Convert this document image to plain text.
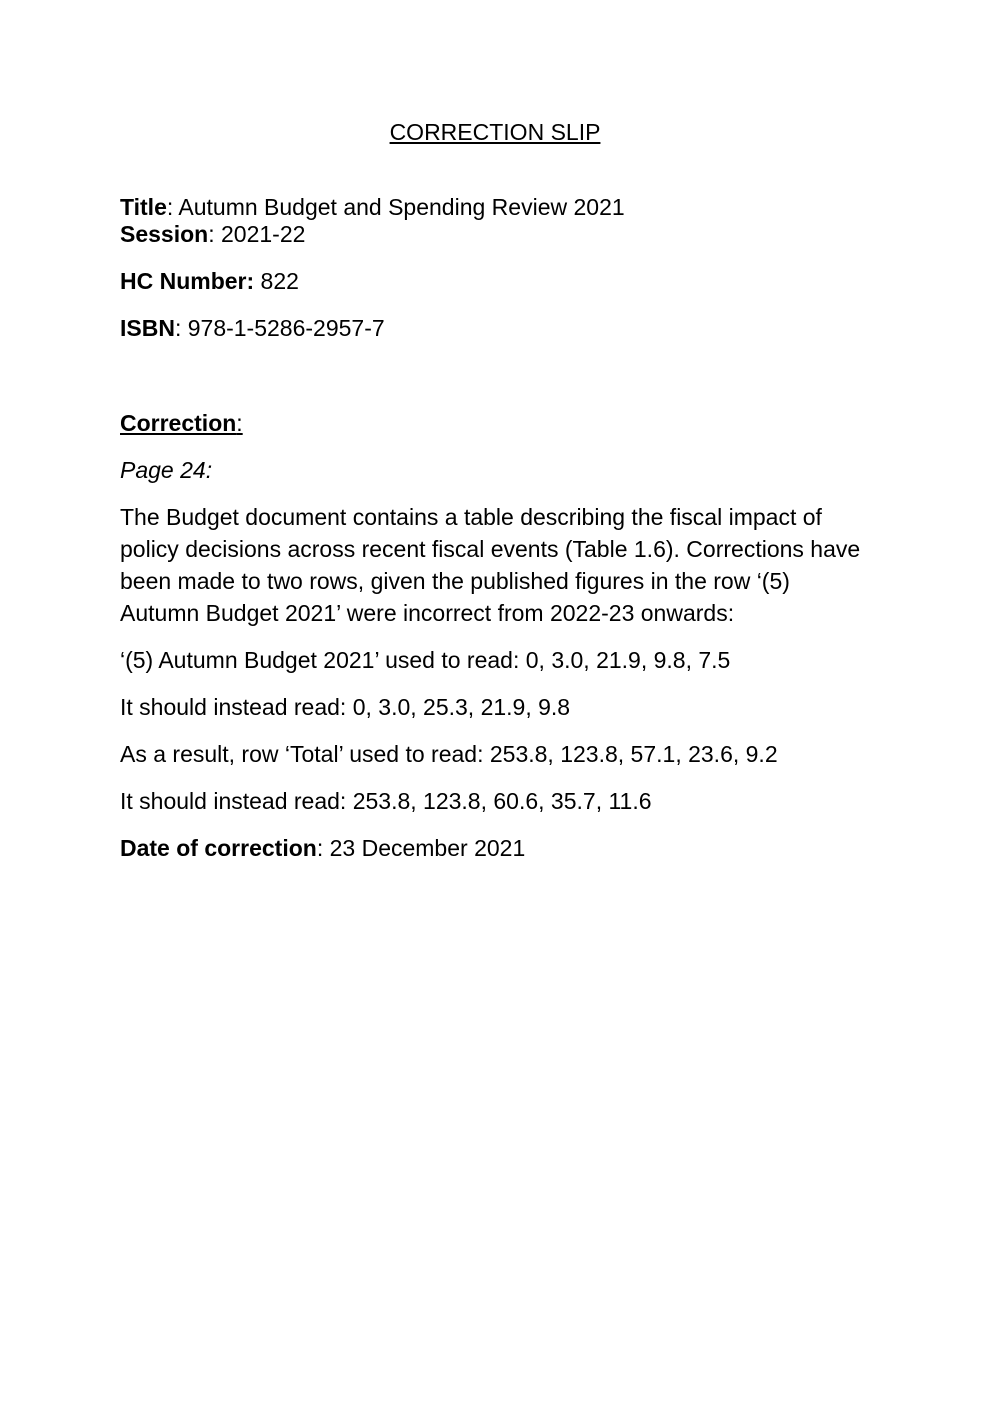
CORRECTION SLIP
Title: Autumn Budget and Spending Review 2021
Session: 2021-22
HC Number: 822
ISBN: 978-1-5286-2957-7
Correction:
Page 24:
The Budget document contains a table describing the fiscal impact of policy decisions across recent fiscal events (Table 1.6). Corrections have been made to two rows, given the published figures in the row ‘(5) Autumn Budget 2021’ were incorrect from 2022-23 onwards:
‘(5) Autumn Budget 2021’ used to read: 0, 3.0, 21.9, 9.8, 7.5
It should instead read: 0, 3.0, 25.3, 21.9, 9.8
As a result, row ‘Total’ used to read: 253.8, 123.8, 57.1, 23.6, 9.2
It should instead read: 253.8, 123.8, 60.6, 35.7, 11.6
Date of correction: 23 December 2021
